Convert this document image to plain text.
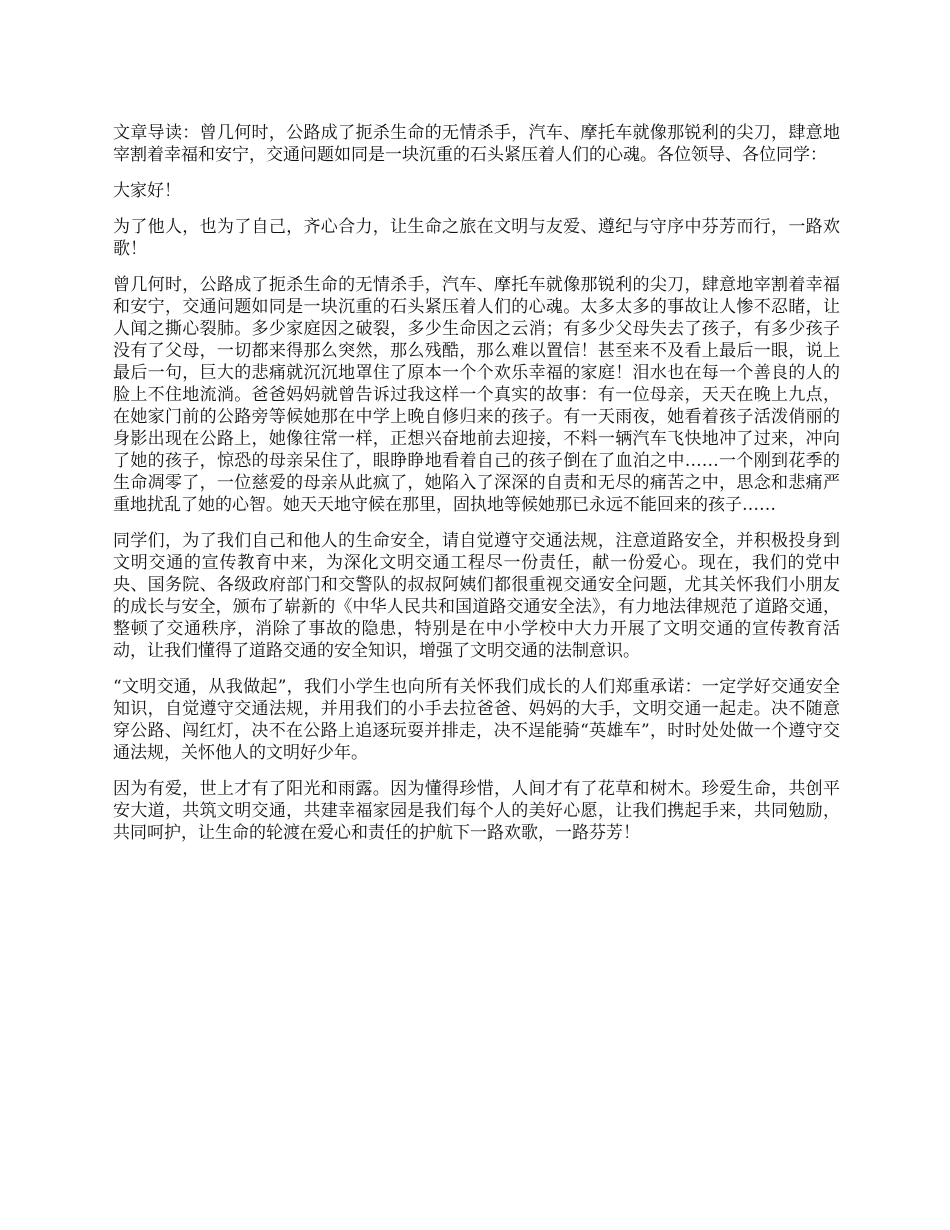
文章导读：曾几何时，公路成了扼杀生命的无情杀手，汽车、摩托车就像那锐利的尖刀，肆意地宰割着幸福和安宁，交通问题如同是一块沉重的石头紧压着人们的心魂。各位领导、各位同学：

大家好！

为了他人，也为了自己，齐心合力，让生命之旅在文明与友爱、遵纪与守序中芬芳而行，一路欢歌！

曾几何时，公路成了扼杀生命的无情杀手，汽车、摩托车就像那锐利的尖刀，肆意地宰割着幸福和安宁，交通问题如同是一块沉重的石头紧压着人们的心魂。太多太多的事故让人惨不忍睹，让人闻之撕心裂肺。多少家庭因之破裂，多少生命因之云消；有多少父母失去了孩子，有多少孩子没有了父母，一切都来得那么突然，那么残酷，那么难以置信！甚至来不及看上最后一眼，说上最后一句，巨大的悲痛就沉沉地罩住了原本一个个欢乐幸福的家庭！泪水也在每一个善良的人的脸上不住地流淌。爸爸妈妈就曾告诉过我这样一个真实的故事：有一位母亲，天天在晚上九点，在她家门前的公路旁等候她那在中学上晚自修归来的孩子。有一天雨夜，她看着孩子活泼俏丽的身影出现在公路上，她像往常一样，正想兴奋地前去迎接，不料一辆汽车飞快地冲了过来，冲向了她的孩子，惊恐的母亲呆住了，眼睁睁地看着自己的孩子倒在了血泊之中……一个刚到花季的生命凋零了，一位慈爱的母亲从此疯了，她陷入了深深的自责和无尽的痛苦之中，思念和悲痛严重地扰乱了她的心智。她天天地守候在那里，固执地等候她那已永远不能回来的孩子……

同学们，为了我们自己和他人的生命安全，请自觉遵守交通法规，注意道路安全，并积极投身到文明交通的宣传教育中来，为深化文明交通工程尽一份责任，献一份爱心。现在，我们的党中央、国务院、各级政府部门和交警队的叔叔阿姨们都很重视交通安全问题，尤其关怀我们小朋友的成长与安全，颁布了崭新的《中华人民共和国道路交通安全法》，有力地法律规范了道路交通，整顿了交通秩序，消除了事故的隐患，特别是在中小学校中大力开展了文明交通的宣传教育活动，让我们懂得了道路交通的安全知识，增强了文明交通的法制意识。

“文明交通，从我做起”，我们小学生也向所有关怀我们成长的人们郑重承诺：一定学好交通安全知识，自觉遵守交通法规，并用我们的小手去拉爸爸、妈妈的大手，文明交通一起走。决不随意穿公路、闯红灯，决不在公路上追逐玩耍并排走，决不逞能骑“英雄车”，时时处处做一个遵守交通法规，关怀他人的文明好少年。

因为有爱，世上才有了阳光和雨露。因为懂得珍惜，人间才有了花草和树木。珍爱生命，共创平安大道，共筑文明交通，共建幸福家园是我们每个人的美好心愿，让我们携起手来，共同勉励，共同呵护，让生命的轮渡在爱心和责任的护航下一路欢歌，一路芬芳！
